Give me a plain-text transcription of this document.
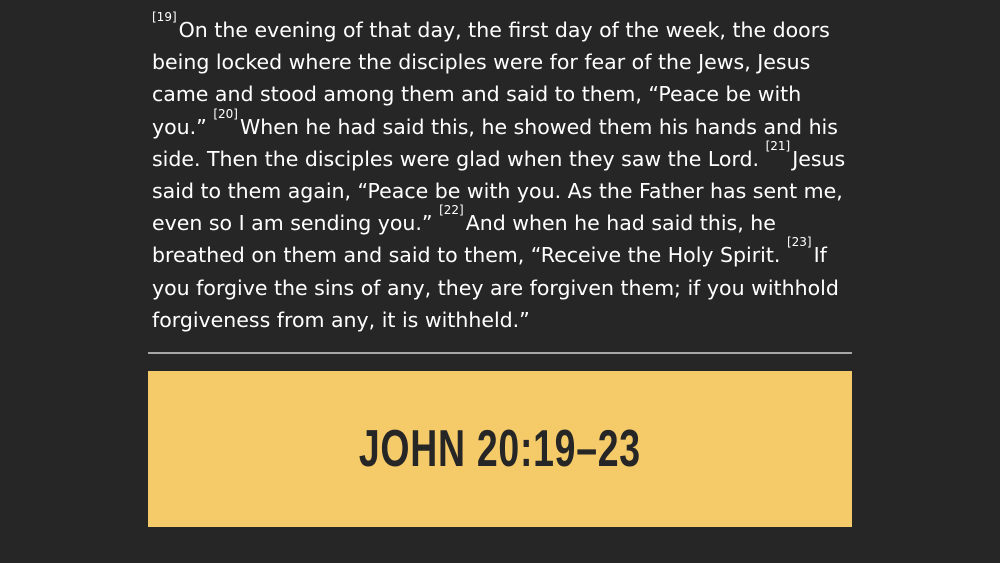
[19]On the evening of that day, the first day of the week, the doors being locked where the disciples were for fear of the Jews, Jesus came and stood among them and said to them, “Peace be with you.” [20]When he had said this, he showed them his hands and his side. Then the disciples were glad when they saw the Lord. [21]Jesus said to them again, “Peace be with you. As the Father has sent me, even so I am sending you.” [22]And when he had said this, he breathed on them and said to them, “Receive the Holy Spirit. [23]If you forgive the sins of any, they are forgiven them; if you withhold forgiveness from any, it is withheld.”

JOHN 20:19–23
